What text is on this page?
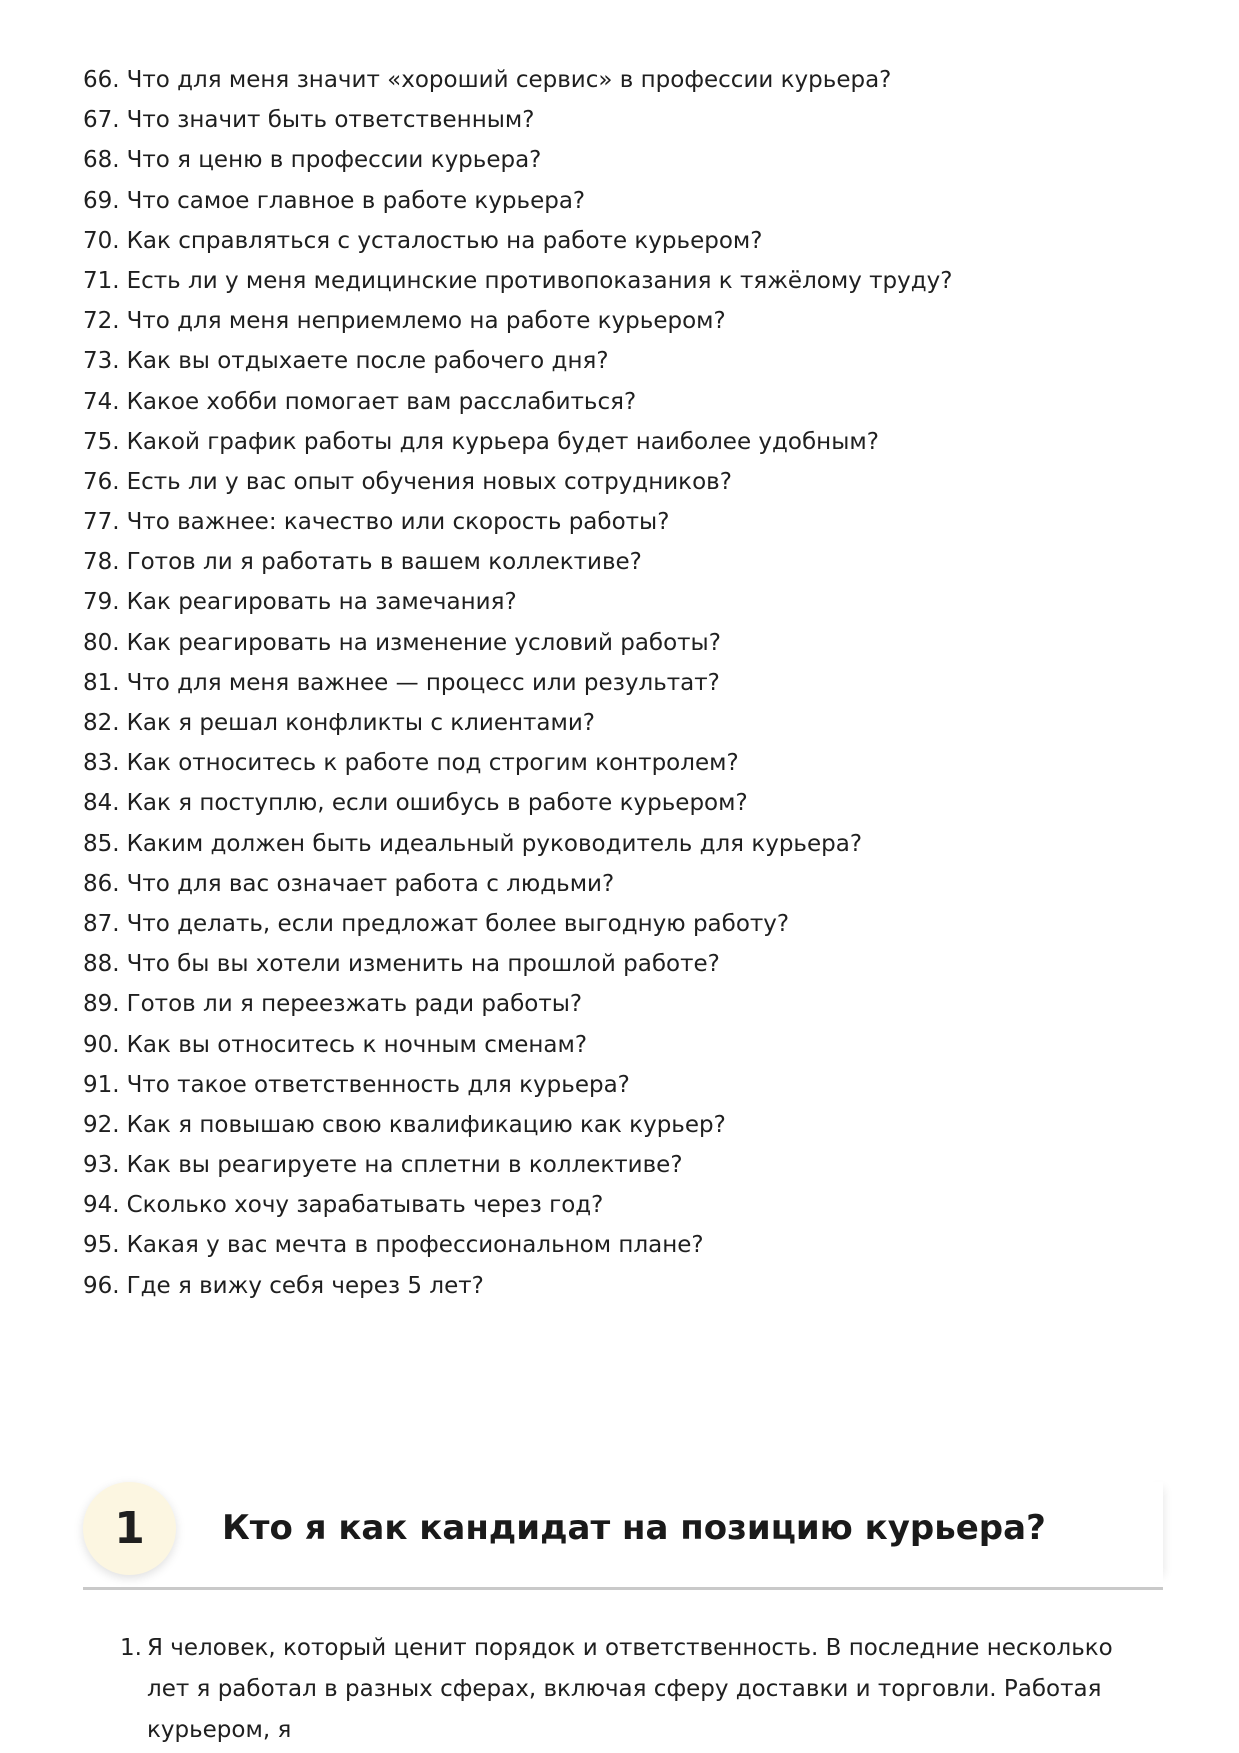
66. Что для меня значит «хороший сервис» в профессии курьера?
67. Что значит быть ответственным?
68. Что я ценю в профессии курьера?
69. Что самое главное в работе курьера?
70. Как справляться с усталостью на работе курьером?
71. Есть ли у меня медицинские противопоказания к тяжёлому труду?
72. Что для меня неприемлемо на работе курьером?
73. Как вы отдыхаете после рабочего дня?
74. Какое хобби помогает вам расслабиться?
75. Какой график работы для курьера будет наиболее удобным?
76. Есть ли у вас опыт обучения новых сотрудников?
77. Что важнее: качество или скорость работы?
78. Готов ли я работать в вашем коллективе?
79. Как реагировать на замечания?
80. Как реагировать на изменение условий работы?
81. Что для меня важнее — процесс или результат?
82. Как я решал конфликты с клиентами?
83. Как относитесь к работе под строгим контролем?
84. Как я поступлю, если ошибусь в работе курьером?
85. Каким должен быть идеальный руководитель для курьера?
86. Что для вас означает работа с людьми?
87. Что делать, если предложат более выгодную работу?
88. Что бы вы хотели изменить на прошлой работе?
89. Готов ли я переезжать ради работы?
90. Как вы относитесь к ночным сменам?
91. Что такое ответственность для курьера?
92. Как я повышаю свою квалификацию как курьер?
93. Как вы реагируете на сплетни в коллективе?
94. Сколько хочу зарабатывать через год?
95. Какая у вас мечта в профессиональном плане?
96. Где я вижу себя через 5 лет?
1	Кто я как кандидат на позицию курьера?
1. Я человек, который ценит порядок и ответственность. В последние несколько лет я работал в разных сферах, включая сферу доставки и торговли. Работая курьером, я
